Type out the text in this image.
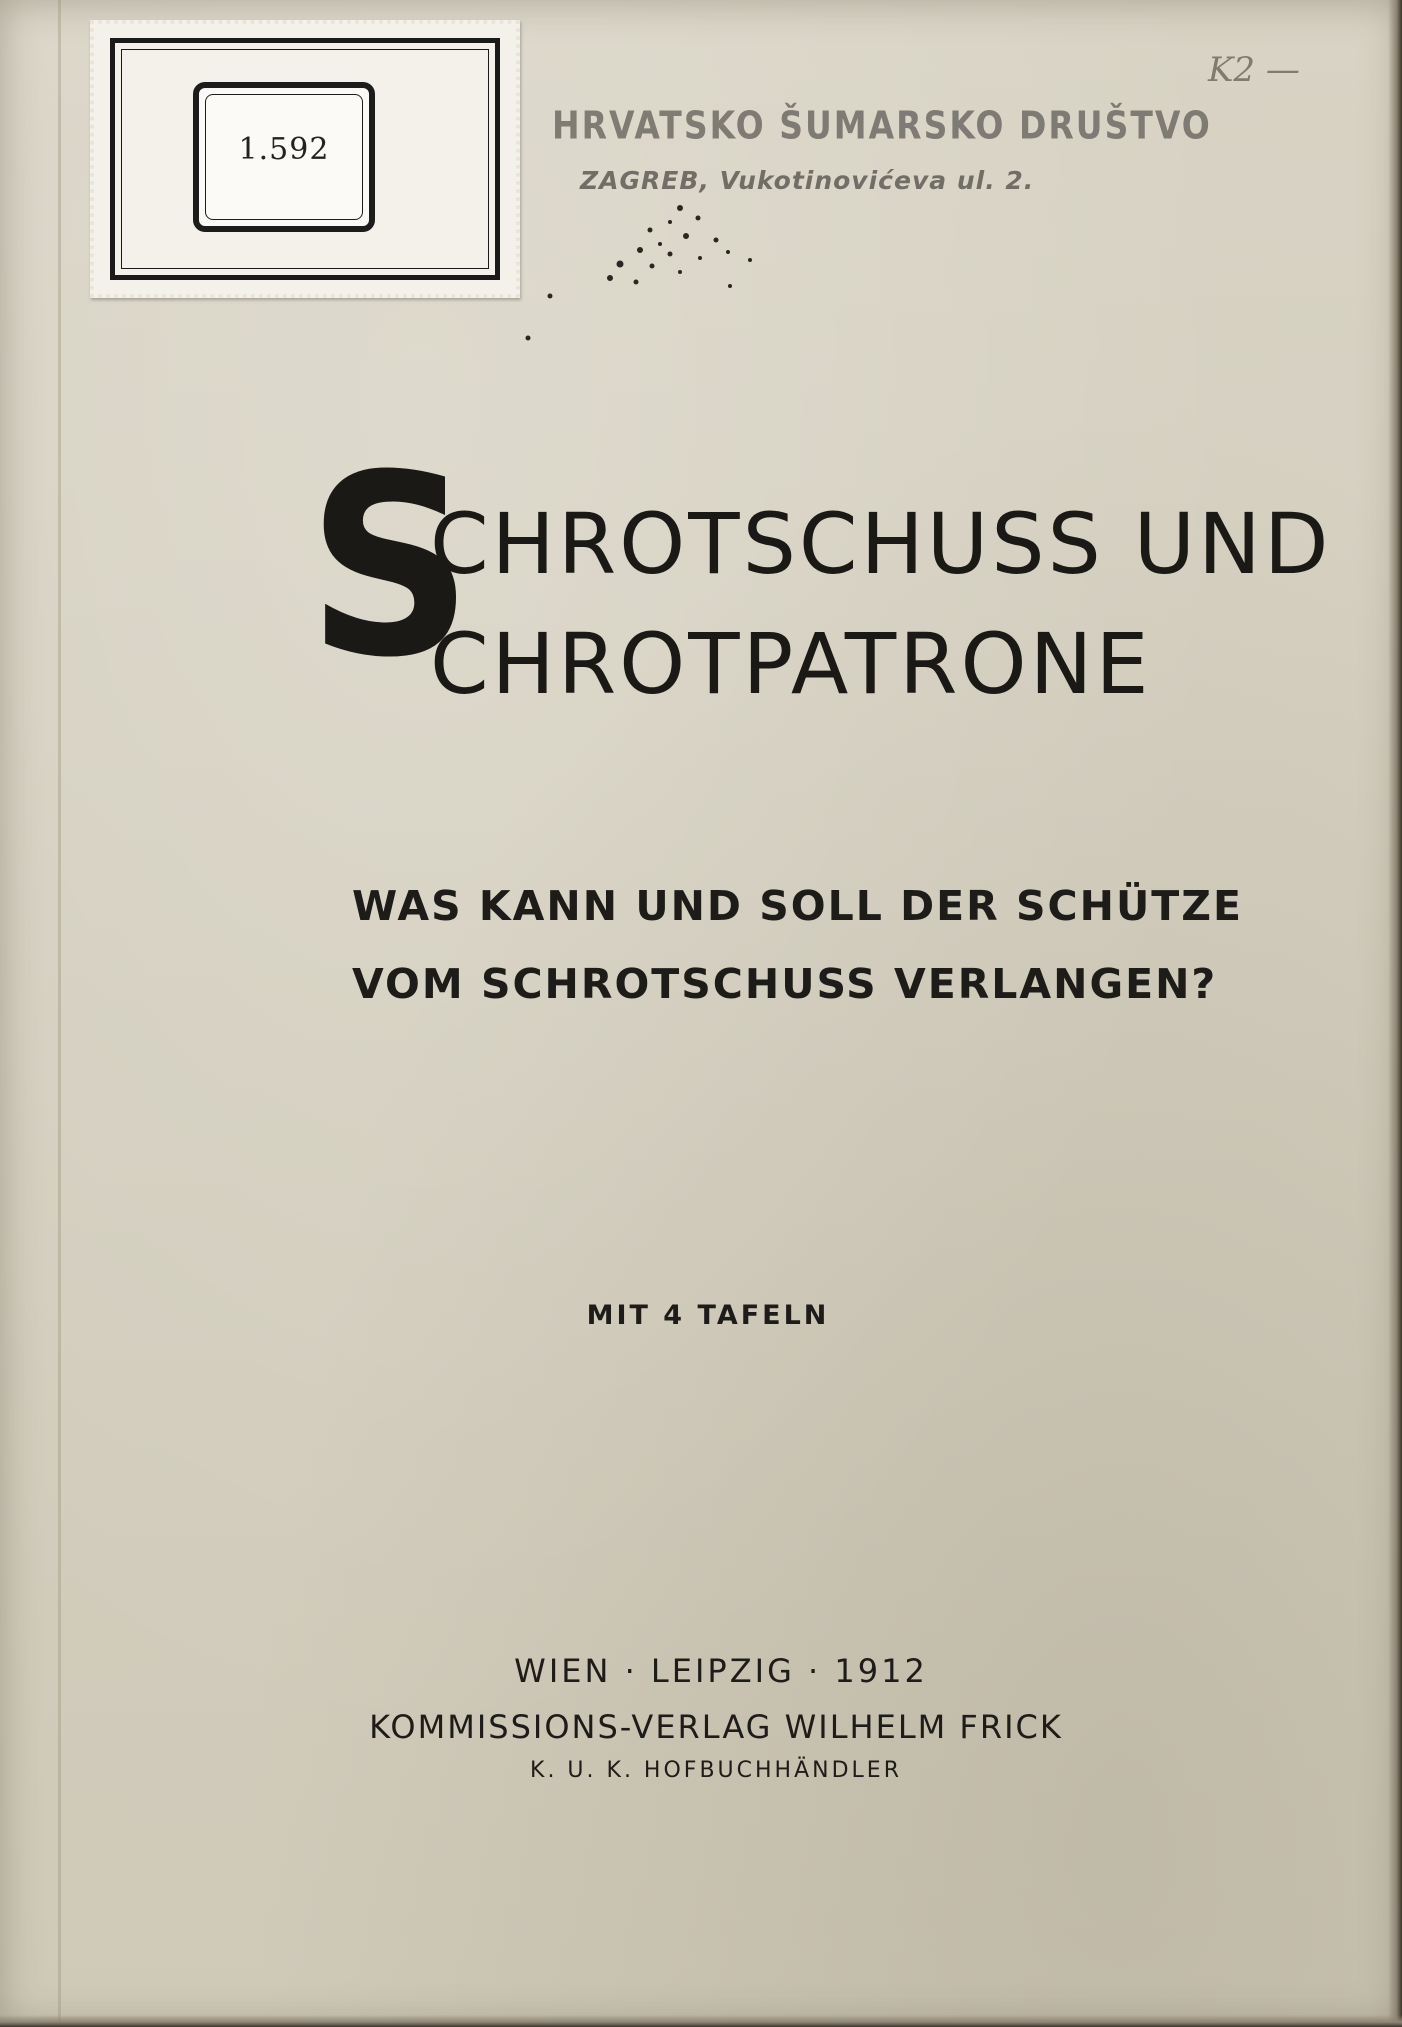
1.592
HRVATSKO ŠUMARSKO DRUŠTVO
ZAGREB, Vukotinovićeva ul. 2.
K2 —
S
CHROTSCHUSS UND
CHROTPATRONE
WAS KANN UND SOLL DER SCHÜTZE
VOM SCHROTSCHUSS VERLANGEN?
MIT 4 TAFELN
WIEN · LEIPZIG · 1912
KOMMISSIONS-VERLAG WILHELM FRICK
K. U. K. HOFBUCHHÄNDLER
